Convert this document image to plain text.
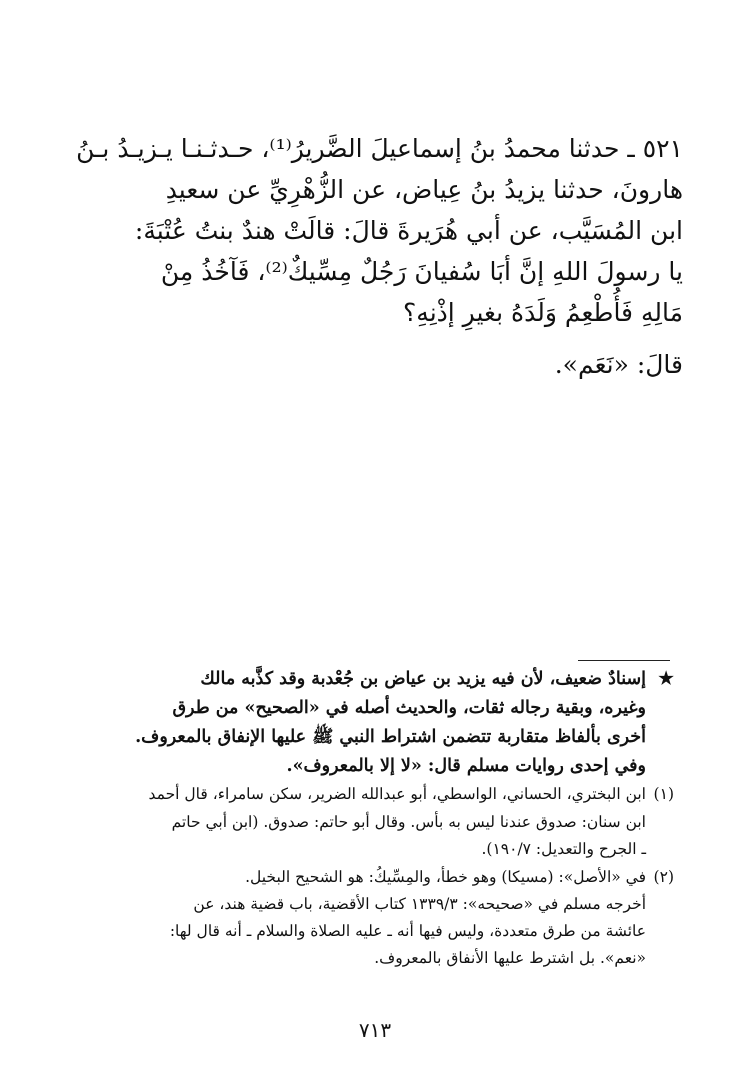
٥٢١ ـ حدثنا محمدُ بنُ إسماعيلَ الضَّريرُ⁽¹⁾، حـدثـنـا يـزيـدُ بـنُ
هارونَ، حدثنا يزيدُ بنُ عِياض، عن الزُّهْرِيِّ عن سعيدِ
ابن المُسَيَّب، عن أبي هُرَيرةَ قالَ: قالَتْ هندٌ بنتُ عُتْبَةَ:
يا رسولَ اللهِ إنَّ أبَا سُفيانَ رَجُلٌ مِسِّيكٌ⁽²⁾، فَآخُذُ مِنْ
مَالِهِ فَأُطْعِمُ وَلَدَهُ بغيرِ إذْنِهِ؟
قالَ: «نَعَم».
★إسنادٌ ضعيف، لأن فيه يزيد بن عياض بن جُعْدبة وقد كذَّبه مالك
وغيره، وبقية رجاله ثقات، والحديث أصله في «الصحيح» من طرق
أخرى بألفاظ متقاربة تتضمن اشتراط النبي ﷺ عليها الإنفاق بالمعروف.
وفي إحدى روايات مسلم قال: «لا إلا بالمعروف».
(١)ابن البختري، الحساني، الواسطي، أبو عبدالله الضرير، سكن سامراء، قال أحمد
ابن سنان: صدوق عندنا ليس به بأس. وقال أبو حاتم: صدوق. (ابن أبي حاتم
ـ الجرح والتعديل: ١٩٠/٧).
(٢)في «الأصل»: (مسيكا) وهو خطأ، والمِسِّيكُ: هو الشحيح البخيل.
أخرجه مسلم في «صحيحه»: ١٣٣٩/٣ كتاب الأقضية، باب قضية هند، عن
عائشة من طرق متعددة، وليس فيها أنه ـ عليه الصلاة والسلام ـ أنه قال لها:
«نعم». بل اشترط عليها الأنفاق بالمعروف.
٧١٣
